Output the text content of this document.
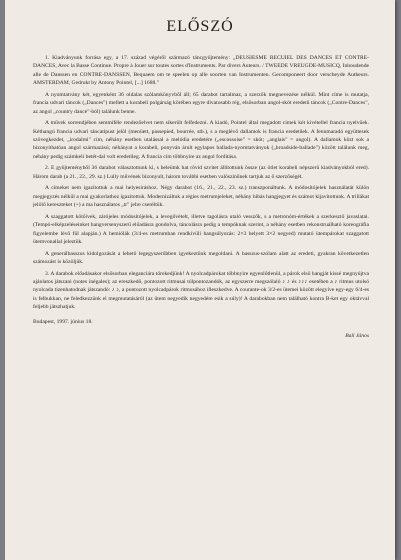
ELŐSZÓ

1. Kiadványunk forrása egy, a 17. század végéről származó táncgyűjtemény: „DEUSIESME RECUIEL DES DANCES ET CONTRE-DANCES, Avec la Basse Continue. Propre à Jouer sur toutes sortes d'Instruments. Par divers Auteurs. / TWEEDE VREUGDE-MUSICQ, Inhoudende alle de Danssen en CONTRE-DANSSEN, Bequaem om te speelen op alle soorten van Instrumenten. Gecomponeert door verscheyde Autheurs. AMSTERDAM, Gedrukt by Antony Pointel, [...] 1688."

A nyomtatvány két, egyenként 36 oldalas szólamkönyvből áll; 65 darabot tartalmaz, a szerzők megnevezése nélkül. Mint címe is mutatja, francia udvari táncok („Dances") mellett a korabeli polgárság körében egyre divatosabb rég, elsősorban angol-skót eredetű táncok („Contre-Dances", az angol „country dance"-ból) találunk benne.

A művek sorrendjében semmiféle rendezőelvet nem sikerült felfedezni. A kiadó, Pointel által megadott címek két kivétellel francia nyelvűek. Kéthangú francia udvari táncatípust jelöl (menüett, passepied, bourrée, stb.), s a meglévő dallamok is francia eredetűek. A fennmaradó együttesek szövegkezdet, „irodalmi" cím, néhány esetben utalással a melódia eredetére („escossoise" = skót; „anglais" = angol). A dallamok közt sok a bizonyíthatóan angol származású; néhányat a korabeli, ponyván árult egylapos ballada-nyomtatványok („broadside-ballade") között találunk meg, néhány pedig számkeli betét-dal volt eredetileg. A francia cím többnyire az angol fordítása.

2. E gyűjteményből 36 darabot választottunk ki, s beleütnk hat rövid szvitet állítottunk össze (az ötlet korabeli népszerű kiadványokból ered). Három darab (a 21., 22., 29. sz.) Lully művének bizonyult, három további esetben valószínűnek tartjuk az ő szerzőségét.

A címeket nem igazítottuk a mai helyesíráshoz. Négy darabot (16., 21., 22., 23. sz.) transzponáltunk. A módosítójelek használatát külön megjegyzés nélkül a mai gyakorlathoz igazítottuk. Modernizáltuk a régies metrumjeleket, néhány hibás hangjegyet és számot kijavítottunk. A trillákat jelölő kereszteket (+) a ma használatos „tr" jelre cseréltük.

A szaggatott kötőívek, zárójeles módosítójelek, a levegővételt, illetve tagolásra utaló vesszők, s a metronóm-értékek a szerkesztő javaslatai. (Tempó-elképzeléseinket hangversenyszerű előadásra gondolva, táncolásra pedig a tempóknak szerint, a néhány esetben rekonstruálható koreográfia figyelembe lévő fül alapján.) A hemiólák (3/4-es metrumban rendkívüli hangsúlyozás: 2×3 helyett 3×2 negyed) mutató ütempárokat szaggatott ütemvonallal jeleztük.

A generálbasszus kidolgozását a lehető legegyszerűbben igyekeztünk megoldani. A basszus-szólam alatt az eredeti, gyakran következetlen számozást is közöljük.

3. A darabok előadásakor elsősorban eleganciára törekedjünk! A nyolcadpárokat többnyire egyenlőtlenül, a párok első hangját kissé megnyújtva ajánlatos játszani (notes inégales); az ereszkedő, pontozott ritmusai túlpontozandók, az egyszerre megszólaló ♪ ♪ és ♪♪♪ esetében a ♪ ritmus utolsó nyolcada tizenhatodnak játszandó: ♪ ♪, a pontozott nyolcadpárok ritmusához illeszkedve. A courante-ok 3/2-es ütemei között elegyíve egy-egy 6/4-es is felbukkan, ne feledkezzünk el megmutatásáról (az ütem negyedik negyedére esik a súly)! A darabokban nem található kontra B-ket egy oktávval feljebb játszhatjuk.

Budapest, 1997. június 18.

Bali János
